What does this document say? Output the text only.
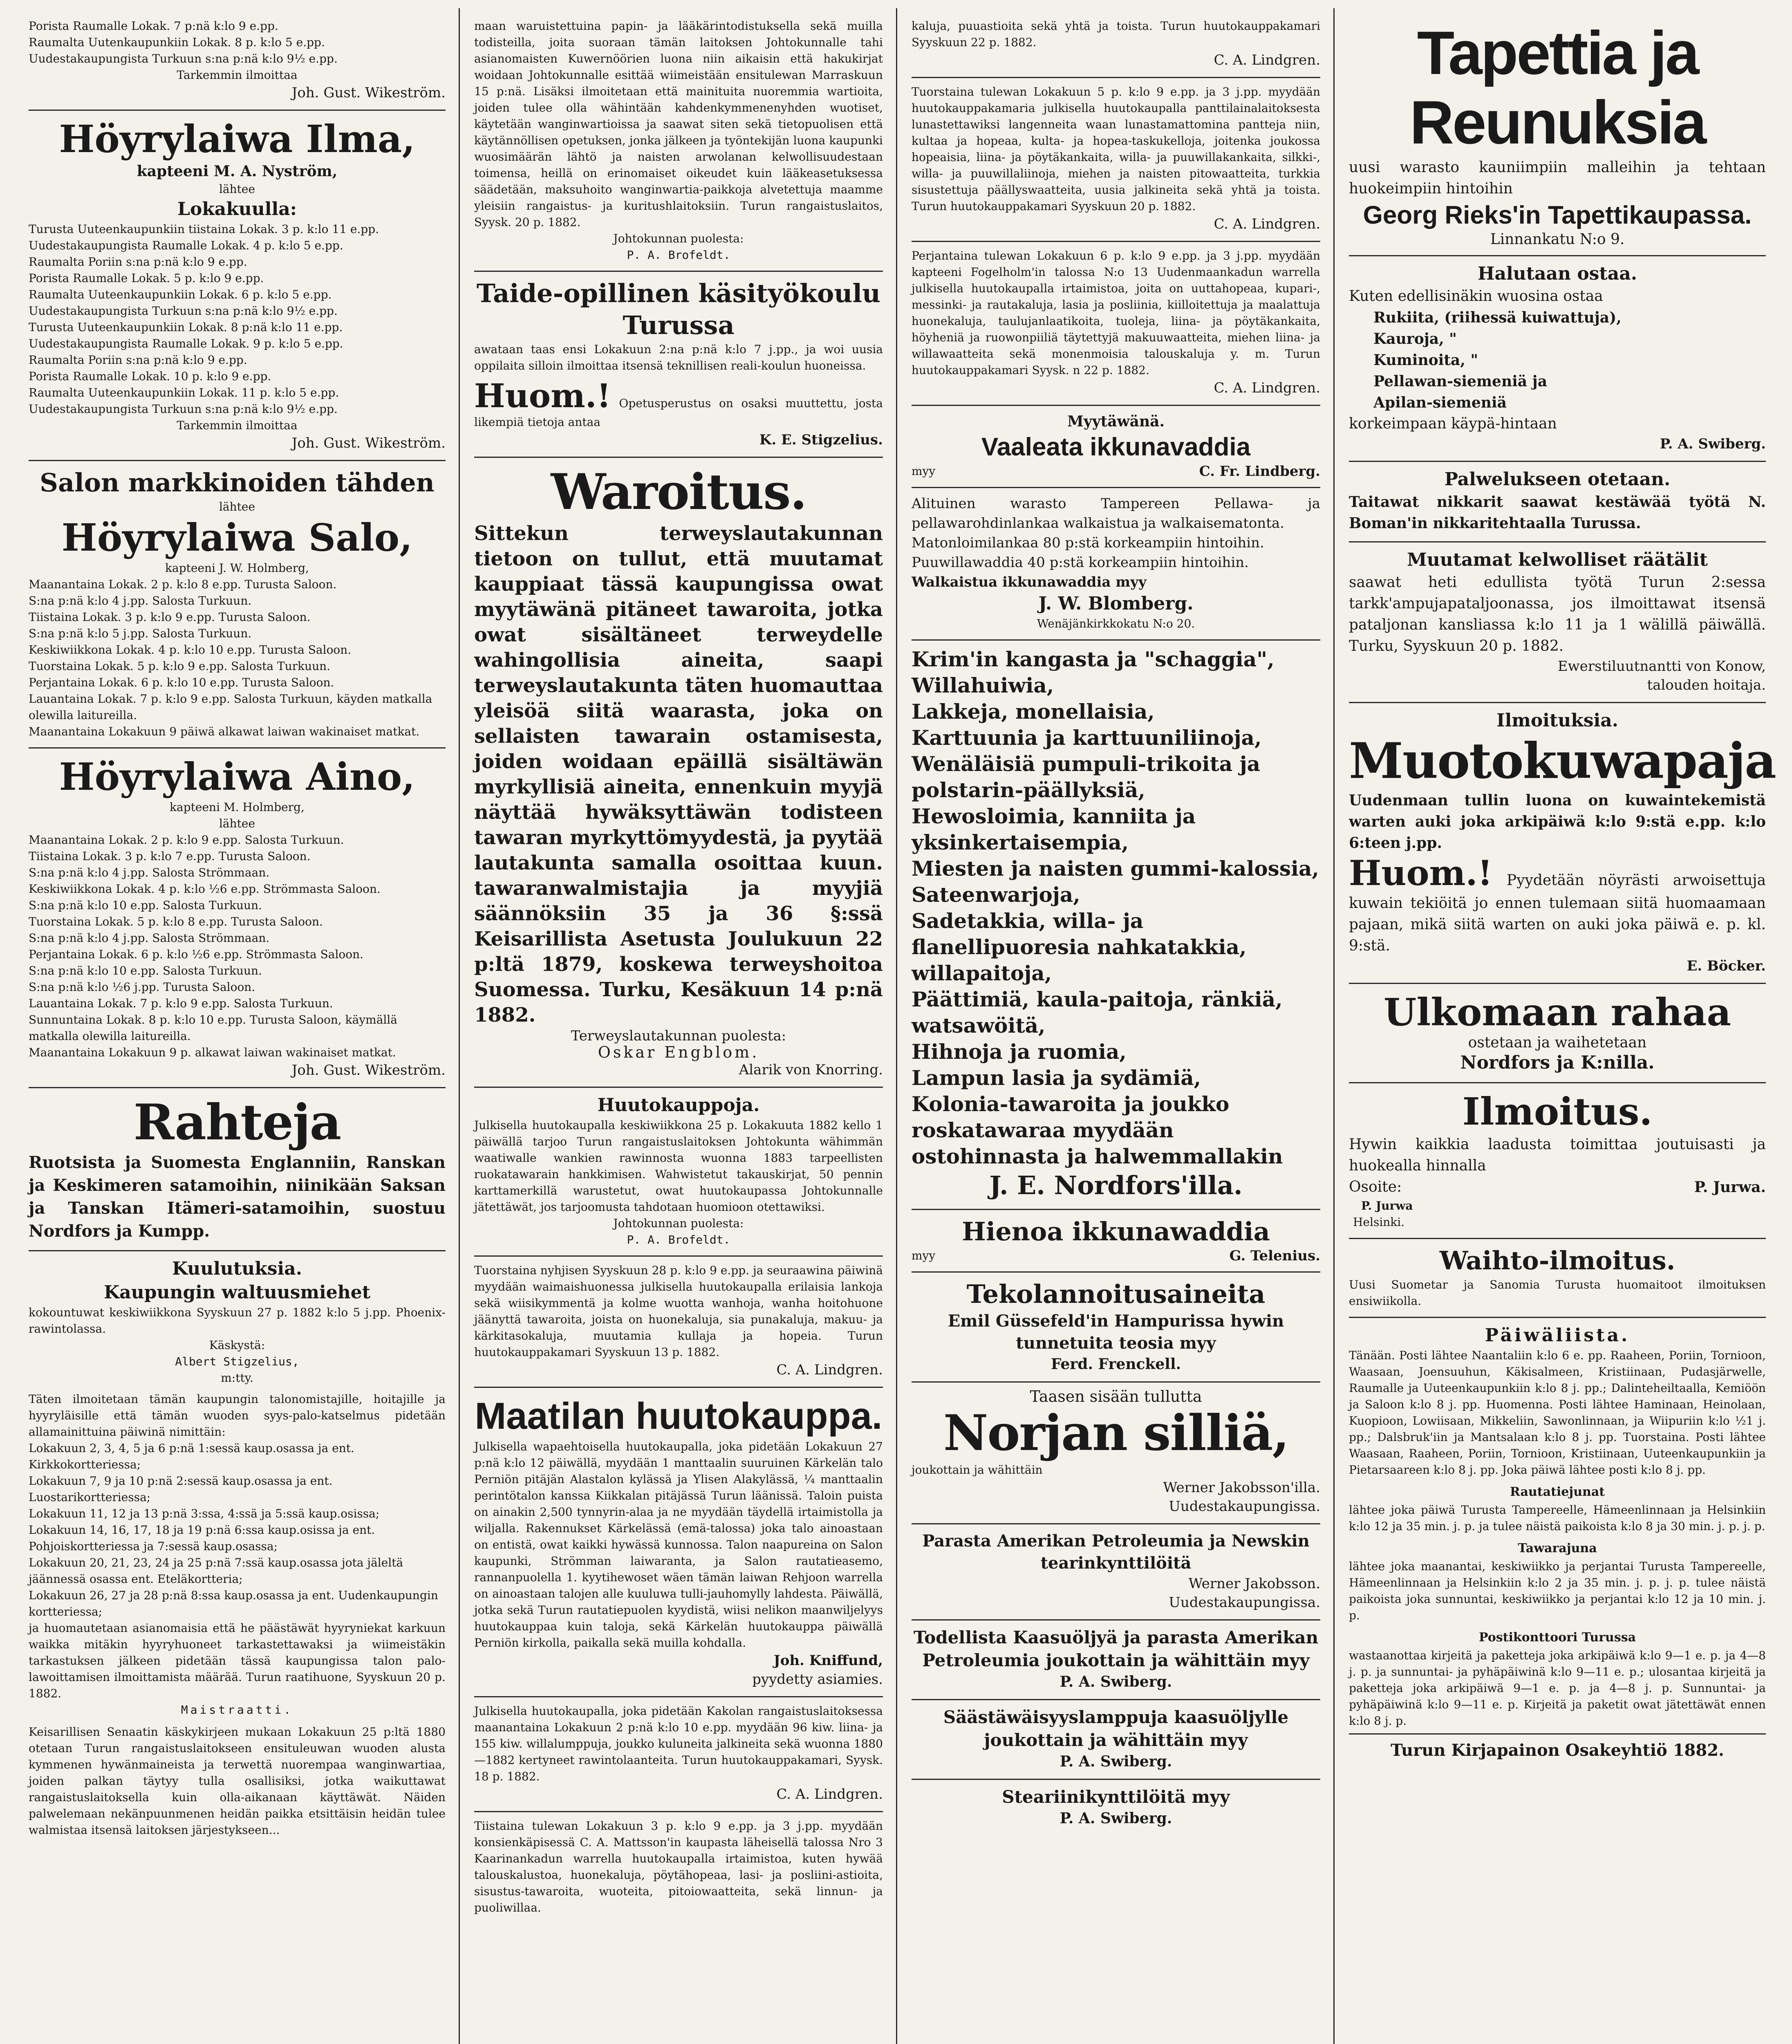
Porista Raumalle Lokak. 7 p:nä k:lo 9 e.pp.

Raumalta Uutenkaupunkiin Lokak. 8 p. k:lo 5 e.pp.

Uudestakaupungista Turkuun s:na p:nä k:lo 9½ e.pp.

Tarkemmin ilmoittaa

Joh. Gust. Wikeström.

Höyrylaiwa Ilma,

kapteeni M. A. Nyström,

lähtee

Lokakuulla:

Turusta Uuteenkaupunkiin tiistaina Lokak. 3 p. k:lo 11 e.pp.

Uudestakaupungista Raumalle Lokak. 4 p. k:lo 5 e.pp.

Raumalta Poriin s:na p:nä k:lo 9 e.pp.

Porista Raumalle Lokak. 5 p. k:lo 9 e.pp.

Raumalta Uuteenkaupunkiin Lokak. 6 p. k:lo 5 e.pp.

Uudestakaupungista Turkuun s:na p:nä k:lo 9½ e.pp.

Turusta Uuteenkaupunkiin Lokak. 8 p:nä k:lo 11 e.pp.

Uudestakaupungista Raumalle Lokak. 9 p. k:lo 5 e.pp.

Raumalta Poriin s:na p:nä k:lo 9 e.pp.

Porista Raumalle Lokak. 10 p. k:lo 9 e.pp.

Raumalta Uuteenkaupunkiin Lokak. 11 p. k:lo 5 e.pp.

Uudestakaupungista Turkuun s:na p:nä k:lo 9½ e.pp.

Tarkemmin ilmoittaa

Joh. Gust. Wikeström.

Salon markkinoiden tähden

lähtee

Höyrylaiwa Salo,

kapteeni J. W. Holmberg,

Maanantaina Lokak. 2 p. k:lo 8 e.pp. Turusta Saloon.

S:na p:nä k:lo 4 j.pp. Salosta Turkuun.

Tiistaina Lokak. 3 p. k:lo 9 e.pp. Turusta Saloon.

S:na p:nä k:lo 5 j.pp. Salosta Turkuun.

Keskiwiikkona Lokak. 4 p. k:lo 10 e.pp. Turusta Saloon.

Tuorstaina Lokak. 5 p. k:lo 9 e.pp. Salosta Turkuun.

Perjantaina Lokak. 6 p. k:lo 10 e.pp. Turusta Saloon.

Lauantaina Lokak. 7 p. k:lo 9 e.pp. Salosta Turkuun, käyden matkalla olewilla laitureilla.

Maanantaina Lokakuun 9 päiwä alkawat laiwan wakinaiset matkat.

Höyrylaiwa Aino,

kapteeni M. Holmberg,

lähtee

Maanantaina Lokak. 2 p. k:lo 9 e.pp. Salosta Turkuun.

Tiistaina Lokak. 3 p. k:lo 7 e.pp. Turusta Saloon.

S:na p:nä k:lo 4 j.pp. Salosta Strömmaan.

Keskiwiikkona Lokak. 4 p. k:lo ½6 e.pp. Strömmasta Saloon.

S:na p:nä k:lo 10 e.pp. Salosta Turkuun.

Tuorstaina Lokak. 5 p. k:lo 8 e.pp. Turusta Saloon.

S:na p:nä k:lo 4 j.pp. Salosta Strömmaan.

Perjantaina Lokak. 6 p. k:lo ½6 e.pp. Strömmasta Saloon.

S:na p:nä k:lo 10 e.pp. Salosta Turkuun.

S:na p:nä k:lo ½6 j.pp. Turusta Saloon.

Lauantaina Lokak. 7 p. k:lo 9 e.pp. Salosta Turkuun.

Sunnuntaina Lokak. 8 p. k:lo 10 e.pp. Turusta Saloon, käymällä matkalla olewilla laitureilla.

Maanantaina Lokakuun 9 p. alkawat laiwan wakinaiset matkat.

Joh. Gust. Wikeström.

Rahteja

Ruotsista ja Suomesta Englanniin, Ranskan ja Keskimeren satamoihin, niinikään Saksan ja Tanskan Itämeri-satamoihin, suostuu Nordfors ja Kumpp.

Kuulutuksia.

Kaupungin waltuusmiehet

kokountuwat keskiwiikkona Syyskuun 27 p. 1882 k:lo 5 j.pp. Phoenix-rawintolassa.

Käskystä:

Albert Stigzelius,

m:tty.

Täten ilmoitetaan tämän kaupungin talonomistajille, hoitajille ja hyyryläisille että tämän wuoden syys-palo-katselmus pidetään allamainittuina päiwinä nimittäin:

Lokakuun 2, 3, 4, 5 ja 6 p:nä 1:sessä kaup.osassa ja ent. Kirkkokortteriessa;

Lokakuun 7, 9 ja 10 p:nä 2:sessä kaup.osassa ja ent. Luostarikortteriessa;

Lokakuun 11, 12 ja 13 p:nä 3:ssa, 4:ssä ja 5:ssä kaup.osissa;

Lokakuun 14, 16, 17, 18 ja 19 p:nä 6:ssa kaup.osissa ja ent. Pohjoiskortteriessa ja 7:sessä kaup.osassa;

Lokakuun 20, 21, 23, 24 ja 25 p:nä 7:ssä kaup.osassa jota jäleltä jäännessä osassa ent. Eteläkortteria;

Lokakuun 26, 27 ja 28 p:nä 8:ssa kaup.osassa ja ent. Uudenkaupungin kortteriessa;

ja huomautetaan asianomaisia että he päästäwät hyyryniekat karkuun waikka mitäkin hyyryhuoneet tarkastettawaksi ja wiimeistäkin tarkastuksen jälkeen pidetään tässä kaupungissa talon palo-lawoittamisen ilmoittamista määrää. Turun raatihuone, Syyskuun 20 p. 1882.

Maistraatti.

Keisarillisen Senaatin käskykirjeen mukaan Lokakuun 25 p:ltä 1880 otetaan Turun rangaistuslaitokseen ensituleuwan wuoden alusta kymmenen hywänmaineista ja terwettä nuorempaa wanginwartiaa, joiden palkan täytyy tulla osallisiksi, jotka waikuttawat rangaistuslaitoksella kuin olla-aikanaan käyttäwät. Näiden palwelemaan nekänpuunmenen heidän paikka etsittäisin heidän tulee walmistaa itsensä laitoksen järjestykseen...

maan waruistettuina papin- ja lääkärintodistuksella sekä muilla todisteilla, joita suoraan tämän laitoksen Johtokunnalle tahi asianomaisten Kuwernöörien luona niin aikaisin että hakukirjat woidaan Johtokunnalle esittää wiimeistään ensitulewan Marraskuun 15 p:nä. Lisäksi ilmoitetaan että mainituita nuoremmia wartioita, joiden tulee olla wähintään kahdenkymmenenyhden wuotiset, käytetään wanginwartioissa ja saawat siten sekä tietopuolisen että käytännöllisen opetuksen, jonka jälkeen ja työntekijän luona kaupunki wuosimäärän lähtö ja naisten arwolanan kelwollisuudestaan toimensa, heillä on erinomaiset oikeudet kuin lääkeasetuksessa säädetään, maksuhoito wanginwartia-paikkoja alvetettuja maamme yleisiin rangaistus- ja kuritushlaitoksiin. Turun rangaistuslaitos, Syysk. 20 p. 1882.

Johtokunnan puolesta:

P. A. Brofeldt.

Taide-opillinen käsityökoulu

Turussa

awataan taas ensi Lokakuun 2:na p:nä k:lo 7 j.pp., ja woi uusia oppilaita silloin ilmoittaa itsensä teknillisen reali-koulun huoneissa.

Huom.! Opetusperustus on osaksi muuttettu, josta likempiä tietoja antaa

K. E. Stigzelius.

Waroitus.

Sittekun terweyslautakunnan tietoon on tullut, että muutamat kauppiaat tässä kaupungissa owat myytäwänä pitäneet tawaroita, jotka owat sisältäneet terweydelle wahingollisia aineita, saapi terweyslautakunta täten huomauttaa yleisöä siitä waarasta, joka on sellaisten tawarain ostamisesta, joiden woidaan epäillä sisältäwän myrkyllisiä aineita, ennenkuin myyjä näyttää hywäksyttäwän todisteen tawaran myrkyttömyydestä, ja pyytää lautakunta samalla osoittaa kuun. tawaranwalmistajia ja myyjiä säännöksiin 35 ja 36 §:ssä Keisarillista Asetusta Joulukuun 22 p:ltä 1879, koskewa terweyshoitoa Suomessa. Turku, Kesäkuun 14 p:nä 1882.

Terweyslautakunnan puolesta:

Oskar Engblom.

Alarik von Knorring.

Huutokauppoja.

Julkisella huutokaupalla keskiwiikkona 25 p. Lokakuuta 1882 kello 1 päiwällä tarjoo Turun rangaistuslaitoksen Johtokunta wähimmän waatiwalle wankien rawinnosta wuonna 1883 tarpeellisten ruokatawarain hankkimisen. Wahwistetut takauskirjat, 50 pennin karttamerkillä warustetut, owat huutokaupassa Johtokunnalle jätettäwät, jos tarjoomusta tahdotaan huomioon otettawiksi.

Johtokunnan puolesta:

P. A. Brofeldt.

Tuorstaina nyhjisen Syyskuun 28 p. k:lo 9 e.pp. ja seuraawina päiwinä myydään waimaishuonessa julkisella huutokaupalla erilaisia lankoja sekä wiisikymmentä ja kolme wuotta wanhoja, wanha hoitohuone jäänyttä tawaroita, joista on huonekaluja, sia punakaluja, makuu- ja kärkitasokaluja, muutamia kullaja ja hopeia. Turun huutokauppakamari Syyskuun 13 p. 1882.

C. A. Lindgren.

Maatilan huutokauppa.

Julkisella wapaehtoisella huutokaupalla, joka pidetään Lokakuun 27 p:nä k:lo 12 päiwällä, myydään 1 manttaalin suuruinen Kärkelän talo Perniön pitäjän Alastalon kylässä ja Ylisen Alakylässä, ¼ manttaalin perintötalon kanssa Kiikkalan pitäjässä Turun läänissä. Taloin puista on ainakin 2,500 tynnyrin-alaa ja ne myydään täydellä irtaimistolla ja wiljalla. Rakennukset Kärkelässä (emä-talossa) joka talo ainoastaan on entistä, owat kaikki hywässä kunnossa. Talon naapureina on Salon kaupunki, Strömman laiwaranta, ja Salon rautatieasemo, rannanpuolella 1. kyytihewoset wäen tämän laiwan Rehjoon warrella on ainoastaan talojen alle kuuluwa tulli-jauhomylly lahdesta. Päiwällä, jotka sekä Turun rautatiepuolen kyydistä, wiisi nelikon maanwiljelyys huutokauppaa kuin taloja, sekä Kärkelän huutokauppa päiwällä Perniön kirkolla, paikalla sekä muilla kohdalla.

Joh. Kniffund,

pyydetty asiamies.

Julkisella huutokaupalla, joka pidetään Kakolan rangaistuslaitoksessa maanantaina Lokakuun 2 p:nä k:lo 10 e.pp. myydään 96 kiw. liina- ja 155 kiw. willalumppuja, joukko kuluneita jalkineita sekä wuonna 1880 —1882 kertyneet rawintolaanteita. Turun huutokauppakamari, Syysk. 18 p. 1882.

C. A. Lindgren.

Tiistaina tulewan Lokakuun 3 p. k:lo 9 e.pp. ja 3 j.pp. myydään konsienkäpisessä C. A. Mattsson'in kaupasta läheisellä talossa Nro 3 Kaarinankadun warrella huutokaupalla irtaimistoa, kuten hywää talouskalustoa, huonekaluja, pöytähopeaa, lasi- ja posliini-astioita, sisustus-tawaroita, wuoteita, pitoiowaatteita, sekä linnun- ja puoliwillaa.

kaluja, puuastioita sekä yhtä ja toista. Turun huutokauppakamari Syyskuun 22 p. 1882.

C. A. Lindgren.

Tuorstaina tulewan Lokakuun 5 p. k:lo 9 e.pp. ja 3 j.pp. myydään huutokauppakamaria julkisella huutokaupalla panttilainalaitoksesta lunastettawiksi langenneita waan lunastamattomina pantteja niin, kultaa ja hopeaa, kulta- ja hopea-taskukelloja, joitenka joukossa hopeaisia, liina- ja pöytäkankaita, willa- ja puuwillakankaita, silkki-, willa- ja puuwillaliinoja, miehen ja naisten pitowaatteita, turkkia sisustettuja päällyswaatteita, uusia jalkineita sekä yhtä ja toista. Turun huutokauppakamari Syyskuun 20 p. 1882.

C. A. Lindgren.

Perjantaina tulewan Lokakuun 6 p. k:lo 9 e.pp. ja 3 j.pp. myydään kapteeni Fogelholm'in talossa N:o 13 Uudenmaankadun warrella julkisella huutokaupalla irtaimistoa, joita on uuttahopeaa, kupari-, messinki- ja rautakaluja, lasia ja posliinia, kiilloitettuja ja maalattuja huonekaluja, taulujanlaatikoita, tuoleja, liina- ja pöytäkankaita, höyheniä ja ruowonpiiliä täytettyjä makuuwaatteita, miehen liina- ja willawaatteita sekä monenmoisia talouskaluja y. m. Turun huutokauppakamari Syysk. n 22 p. 1882.

C. A. Lindgren.

Myytäwänä.

Vaaleata ikkunavaddia

myy	C. Fr. Lindberg.

Alituinen warasto Tampereen Pellawa- ja pellawarohdinlankaa walkaistua ja walkaisematonta.

Matonloimilankaa 80 p:stä korkeampiin hintoihin.

Puuwillawaddia 40 p:stä korkeampiin hintoihin.

Walkaistua ikkunawaddia myy

J. W. Blomberg.

Wenäjänkirkkokatu N:o 20.

Krim'in kangasta ja "schaggia",

Willahuiwia,

Lakkeja, monellaisia,

Karttuunia ja karttuuniliinoja,

Wenäläisiä pumpuli-trikoita ja polstarin-päällyksiä,

Hewosloimia, kanniita ja yksinkertaisempia,

Miesten ja naisten gummi-kalossia,

Sateenwarjoja,

Sadetakkia, willa- ja flanellipuoresia nahkatakkia, willapaitoja,

Päättimiä, kaula-paitoja, ränkiä, watsawöitä,

Hihnoja ja ruomia,

Lampun lasia ja sydämiä,

Kolonia-tawaroita ja joukko roskatawaraa myydään ostohinnasta ja halwemmallakin

J. E. Nordfors'illa.

Hienoa ikkunawaddia

myy	G. Telenius.

Tekolannoitusaineita

Emil Güssefeld'in Hampurissa hywin tunnetuita teosia myy

Ferd. Frenckell.

Taasen sisään tullutta

Norjan silliä,

joukottain ja wähittäin

Werner Jakobsson'illa.

Uudestakaupungissa.

Parasta Amerikan Petroleumia ja Newskin tearinkynttilöitä

Werner Jakobsson.

Uudestakaupungissa.

Todellista Kaasuöljyä ja parasta Amerikan Petroleumia joukottain ja wähittäin myy

P. A. Swiberg.

Säästäwäisyyslamppuja kaasuöljylle joukottain ja wähittäin myy

P. A. Swiberg.

Steariinikynttilöitä myy

P. A. Swiberg.

Tapettia ja Reunuksia

uusi warasto kauniimpiin malleihin ja tehtaan huokeimpiin hintoihin

Georg Rieks'in Tapettikaupassa.

Linnankatu N:o 9.

Halutaan ostaa.

Kuten edellisinäkin wuosina ostaa

Rukiita, (riihessä kuiwattuja),

Kauroja, "

Kuminoita, "

Pellawan-siemeniä ja

Apilan-siemeniä

korkeimpaan käypä-hintaan

P. A. Swiberg.

Palwelukseen otetaan.

Taitawat nikkarit saawat kestäwää työtä N. Boman'in nikkaritehtaalla Turussa.

Muutamat kelwolliset räätälit

saawat heti edullista työtä Turun 2:sessa tarkk'ampujapataljoonassa, jos ilmoittawat itsensä pataljonan kansliassa k:lo 11 ja 1 wälillä päiwällä. Turku, Syyskuun 20 p. 1882.

Ewerstiluutnantti von Konow,

talouden hoitaja.

Ilmoituksia.

Muotokuwapaja

Uudenmaan tullin luona on kuwaintekemistä warten auki joka arkipäiwä k:lo 9:stä e.pp. k:lo 6:teen j.pp.

Huom.! Pyydetään nöyrästi arwoisettuja kuwain tekiöitä jo ennen tulemaan siitä huomaamaan pajaan, mikä siitä warten on auki joka päiwä e. p. kl. 9:stä.

E. Böcker.

Ulkomaan rahaa

ostetaan ja waihetetaan

Nordfors ja K:nilla.

Ilmoitus.

Hywin kaikkia laadusta toimittaa joutuisasti ja huokealla hinnalla

Osoite:	P. Jurwa.

P. Jurwa

Helsinki.

Waihto-ilmoitus.

Uusi Suometar ja Sanomia Turusta huomaitoot ilmoituksen ensiwiikolla.

Päiwäliista.

Tänään. Posti lähtee Naantaliin k:lo 6 e. pp. Raaheen, Poriin, Tornioon, Waasaan, Joensuuhun, Käkisalmeen, Kristiinaan, Pudasjärwelle, Raumalle ja Uuteenkaupunkiin k:lo 8 j. pp.; Dalinteheiltaalla, Kemiöön ja Saloon k:lo 8 j. pp. Huomenna. Posti lähtee Haminaan, Heinolaan, Kuopioon, Lowiisaan, Mikkeliin, Sawonlinnaan, ja Wiipuriin k:lo ½1 j. pp.; Dalsbruk'iin ja Mantsalaan k:lo 8 j. pp. Tuorstaina. Posti lähtee Waasaan, Raaheen, Poriin, Tornioon, Kristiinaan, Uuteenkaupunkiin ja Pietarsaareen k:lo 8 j. pp. Joka päiwä lähtee posti k:lo 8 j. pp.

Rautatiejunat

lähtee joka päiwä Turusta Tampereelle, Hämeenlinnaan ja Helsinkiin k:lo 12 ja 35 min. j. p. ja tulee näistä paikoista k:lo 8 ja 30 min. j. p. j. p.

Tawarajuna

lähtee joka maanantai, keskiwiikko ja perjantai Turusta Tampereelle, Hämeenlinnaan ja Helsinkiin k:lo 2 ja 35 min. j. p. j. p. tulee näistä paikoista joka sunnuntai, keskiwiikko ja perjantai k:lo 12 ja 10 min. j. p.

Postikonttoori Turussa

wastaanottaa kirjeitä ja paketteja joka arkipäiwä k:lo 9—1 e. p. ja 4—8 j. p. ja sunnuntai- ja pyhäpäiwinä k:lo 9—11 e. p.; ulosantaa kirjeitä ja paketteja joka arkipäiwä 9—1 e. p. ja 4—8 j. p. Sunnuntai- ja pyhäpäiwinä k:lo 9—11 e. p. Kirjeitä ja paketit owat jätettäwät ennen k:lo 8 j. p.

Turun Kirjapainon Osakeyhtiö 1882.
